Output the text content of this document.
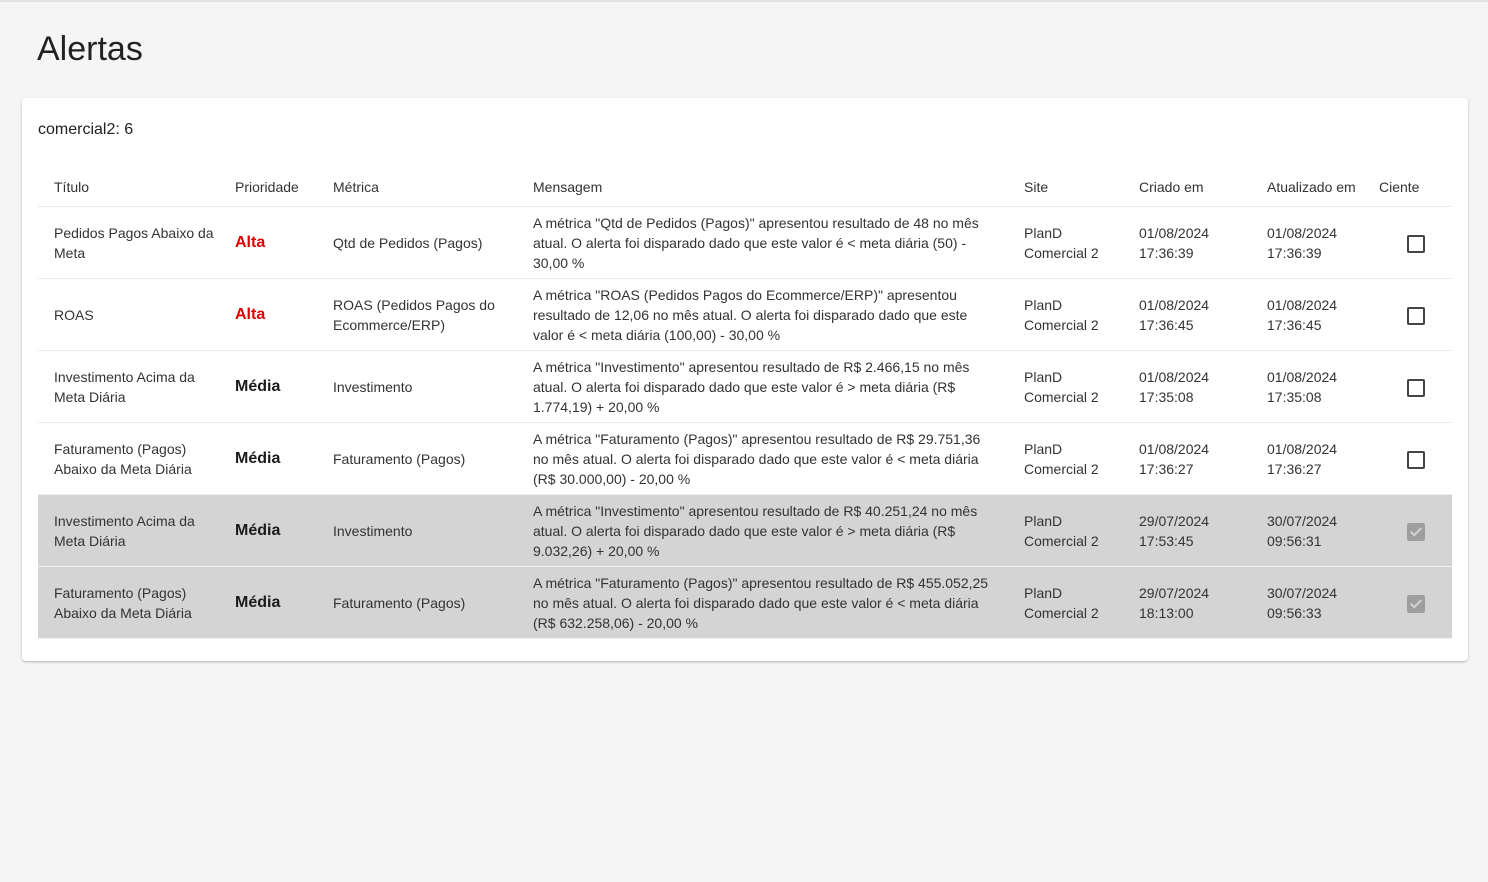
Alertas
comercial2: 6
Título	Prioridade	Métrica	Mensagem	Site	Criado em	Atualizado em	Ciente
Pedidos Pagos Abaixo da Meta	Alta	Qtd de Pedidos (Pagos)	A métrica "Qtd de Pedidos (Pagos)" apresentou resultado de 48 no mês atual. O alerta foi disparado dado que este valor é < meta diária (50) - 30,00 %	PlanD Comercial 2	01/08/2024 17:36:39	01/08/2024 17:36:39	
ROAS	Alta	ROAS (Pedidos Pagos do Ecommerce/ERP)	A métrica "ROAS (Pedidos Pagos do Ecommerce/ERP)" apresentou resultado de 12,06 no mês atual. O alerta foi disparado dado que este valor é < meta diária (100,00) - 30,00 %	PlanD Comercial 2	01/08/2024 17:36:45	01/08/2024 17:36:45	
Investimento Acima da Meta Diária	Média	Investimento	A métrica "Investimento" apresentou resultado de R$ 2.466,15 no mês atual. O alerta foi disparado dado que este valor é > meta diária (R$ 1.774,19) + 20,00 %	PlanD Comercial 2	01/08/2024 17:35:08	01/08/2024 17:35:08	
Faturamento (Pagos) Abaixo da Meta Diária	Média	Faturamento (Pagos)	A métrica "Faturamento (Pagos)" apresentou resultado de R$ 29.751,36 no mês atual. O alerta foi disparado dado que este valor é < meta diária (R$ 30.000,00) - 20,00 %	PlanD Comercial 2	01/08/2024 17:36:27	01/08/2024 17:36:27	
Investimento Acima da Meta Diária	Média	Investimento	A métrica "Investimento" apresentou resultado de R$ 40.251,24 no mês atual. O alerta foi disparado dado que este valor é > meta diária (R$ 9.032,26) + 20,00 %	PlanD Comercial 2	29/07/2024 17:53:45	30/07/2024 09:56:31	
Faturamento (Pagos) Abaixo da Meta Diária	Média	Faturamento (Pagos)	A métrica "Faturamento (Pagos)" apresentou resultado de R$ 455.052,25 no mês atual. O alerta foi disparado dado que este valor é < meta diária (R$ 632.258,06) - 20,00 %	PlanD Comercial 2	29/07/2024 18:13:00	30/07/2024 09:56:33	
